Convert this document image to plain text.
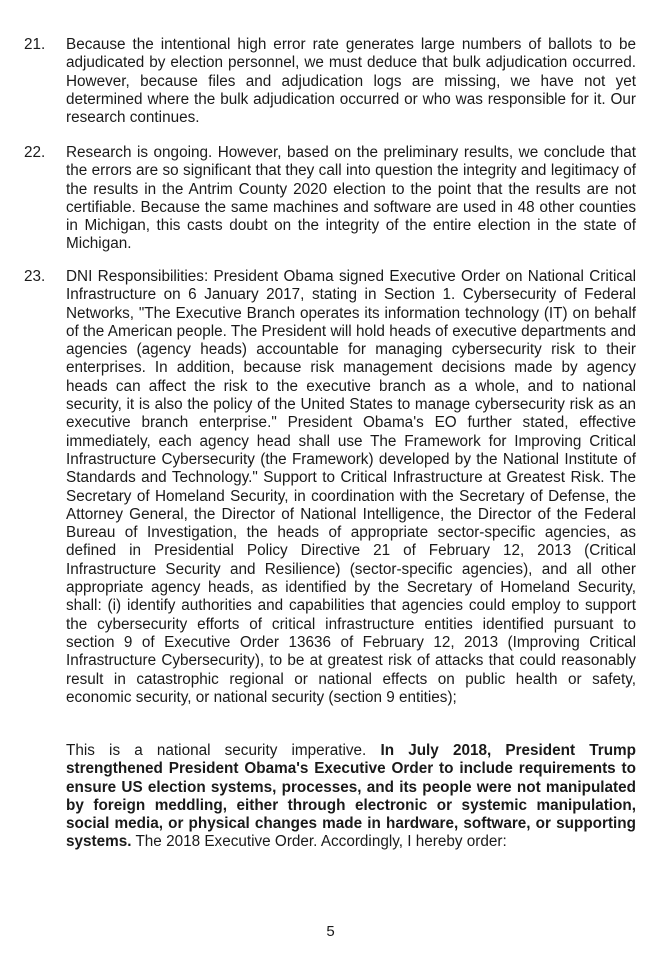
21.	Because the intentional high error rate generates large numbers of ballots to be adjudicated by election personnel, we must deduce that bulk adjudication occurred. However, because files and adjudication logs are missing, we have not yet determined where the bulk adjudication occurred or who was responsible for it. Our research continues.
22.	Research is ongoing. However, based on the preliminary results, we conclude that the errors are so significant that they call into question the integrity and legitimacy of the results in the Antrim County 2020 election to the point that the results are not certifiable. Because the same machines and software are used in 48 other counties in Michigan, this casts doubt on the integrity of the entire election in the state of Michigan.
23.	DNI Responsibilities: President Obama signed Executive Order on National Critical Infrastructure on 6 January 2017, stating in Section 1. Cybersecurity of Federal Networks, "The Executive Branch operates its information technology (IT) on behalf of the American people. The President will hold heads of executive departments and agencies (agency heads) accountable for managing cybersecurity risk to their enterprises. In addition, because risk management decisions made by agency heads can affect the risk to the executive branch as a whole, and to national security, it is also the policy of the United States to manage cybersecurity risk as an executive branch enterprise." President Obama's EO further stated, effective immediately, each agency head shall use The Framework for Improving Critical Infrastructure Cybersecurity (the Framework) developed by the National Institute of Standards and Technology." Support to Critical Infrastructure at Greatest Risk. The Secretary of Homeland Security, in coordination with the Secretary of Defense, the Attorney General, the Director of National Intelligence, the Director of the Federal Bureau of Investigation, the heads of appropriate sector-specific agencies, as defined in Presidential Policy Directive 21 of February 12, 2013 (Critical Infrastructure Security and Resilience) (sector-specific agencies), and all other appropriate agency heads, as identified by the Secretary of Homeland Security, shall: (i) identify authorities and capabilities that agencies could employ to support the cybersecurity efforts of critical infrastructure entities identified pursuant to section 9 of Executive Order 13636 of February 12, 2013 (Improving Critical Infrastructure Cybersecurity), to be at greatest risk of attacks that could reasonably result in catastrophic regional or national effects on public health or safety, economic security, or national security (section 9 entities);
This is a national security imperative. In July 2018, President Trump strengthened President Obama's Executive Order to include requirements to ensure US election systems, processes, and its people were not manipulated by foreign meddling, either through electronic or systemic manipulation, social media, or physical changes made in hardware, software, or supporting systems. The 2018 Executive Order. Accordingly, I hereby order:
5
